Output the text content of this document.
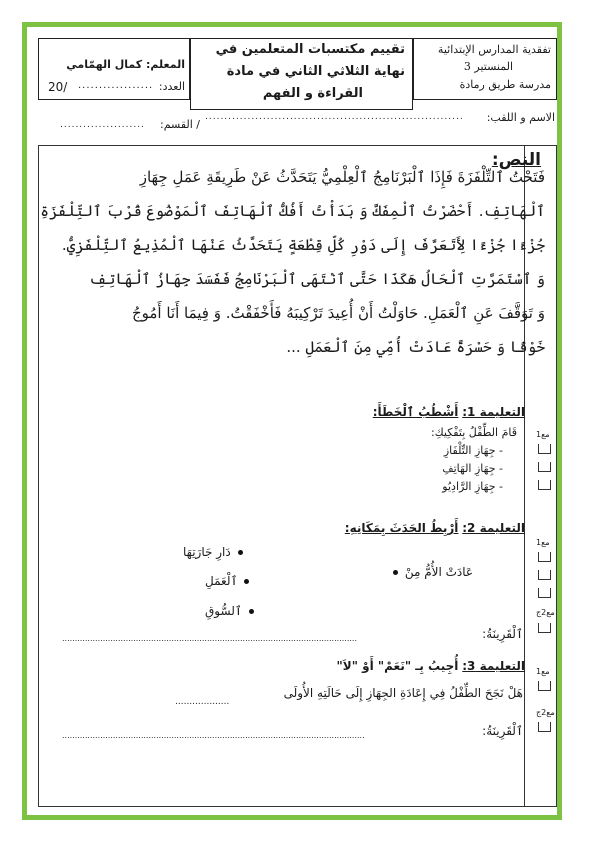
تفقدية المدارس الإبتدائية
المنستير 3
مدرسة طريق رمادة
تقييم مكتسبات المتعلمين في
نهاية الثلاثي الثاني في مادة
القراءة و الفهم
المعلم: كمال الهمّامي
العدد:
..................
20/
الاسم و اللقب:
...................................................................
/ القسم:
......................
النص:
فَتَحْتُ ٱلتِّلْفَزَةَ فَإِذَا ٱلْبَرْنَامِجُ ٱلْعِلْمِيُّ يَتَحَدَّثُ عَنْ طَرِيقَةِ عَمَلِ جِهَازِ
ٱلْهَاتِفِ. أَحْضَرْتُ ٱلْمِفَكَّ وَ بَدَأْتُ أَفُكُّ ٱلْهَاتِفَ ٱلْمَوْضُوعَ قُرْبَ ٱلتِّلْفَزَةِ
جُزْءًا جُزْءًا لِأَتَعَرَّفَ إِلَى دَوْرِ كُلِّ قِطْعَةٍ يَتَحَدَّثُ عَنْهَا ٱلْمُذِيعُ ٱلتِّلْفَزِيُّ.
وَ ٱسْتَمَرَّتِ ٱلْحَالُ هَكَذَا حَتَّى ٱنْتَهَى ٱلْبَرْنَامِجُ فَفَسَدَ جِهَازُ ٱلْهَاتِفِ
وَ تَوَقَّفَ عَنِ ٱلْعَمَلِ. حَاوَلْتُ أَنْ أُعِيدَ تَرْكِيبَهُ فَأَخْفَقْتُ. وَ فِيمَا أَنَا أَمُوجُ
خَوْفًا وَ حَسْرَةً عَادَتْ أُمِّي مِنَ ٱلْعَمَلِ ...
التعليمة 1: أَشْطُبُ ٱلْخَطَأَ:
قَامَ الطِّفْلُ بِتَفْكِيكِ:
- جِهَازِ التِّلْفَازِ
- جِهَازِ الهَاتِفِ
- جِهَازِ الرَّادِيُو
التعليمة 2: أَرْبِطُ الحَدَثَ بِمَكَانِهِ:
عَادَتْ الأُمُّ مِنْ
دَارِ جَارَتِهَا
ٱلْعَمَلِ
ٱلسُّوقِ
ٱلْقَرِينَةُ:
....................................................................................................................
التعليمة 3: أُجِيبُ بِـ "نَعَمْ" أَوْ "لاَ"
هَلْ نَجَحَ الطِّفْلُ فِي إِعَادَةِ الجِهَازِ إِلَى حَالَتِهِ الأُولَى
...................
ٱلْقَرِينَةُ:
.......................................................................................................................
مع1
مع1
مع2ج
مع1
مع2ج
